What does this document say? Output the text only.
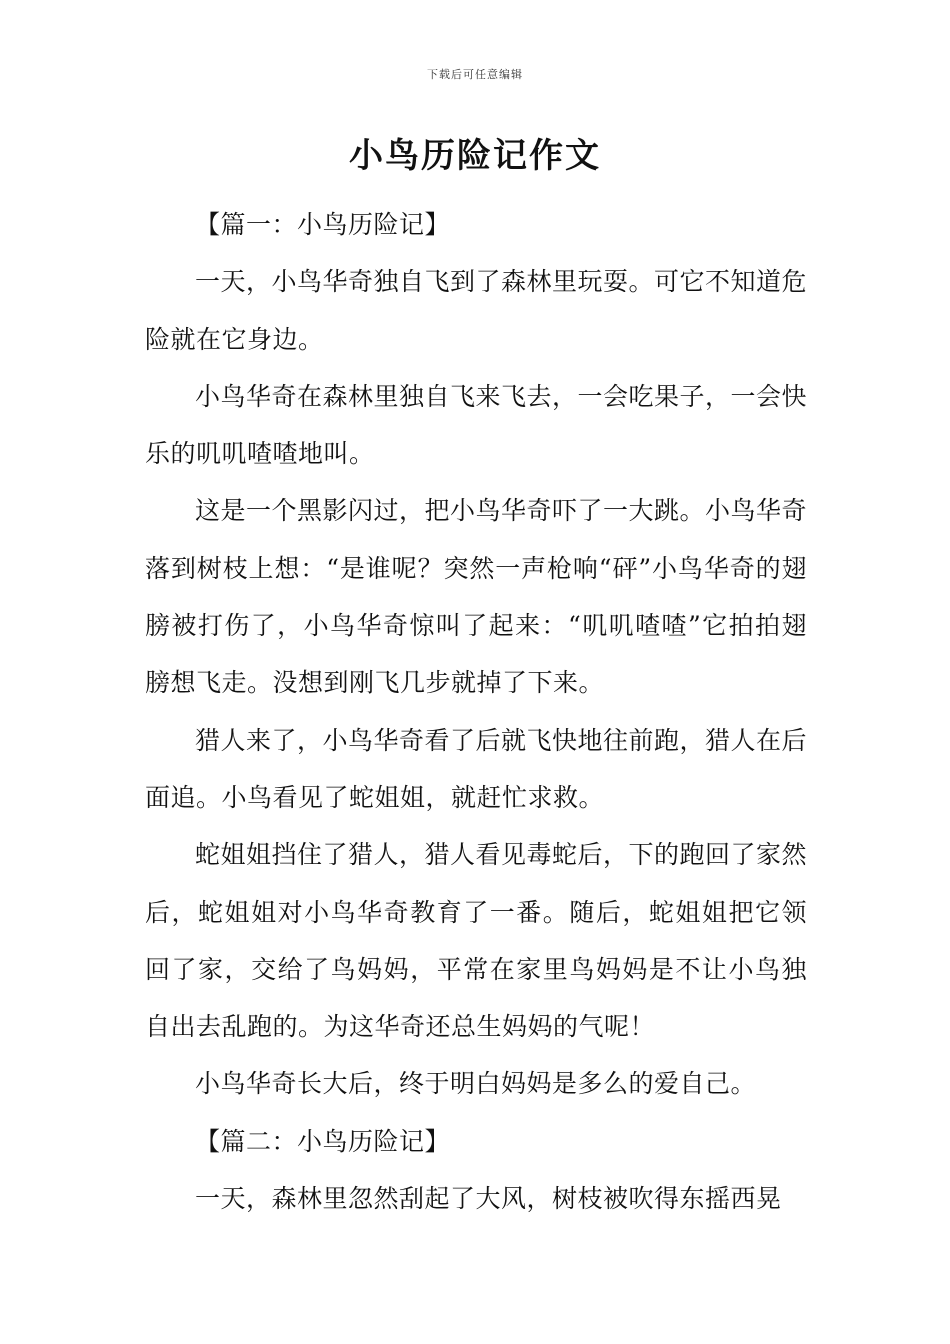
下载后可任意编辑
小鸟历险记作文

【篇一：小鸟历险记】

一天，小鸟华奇独自飞到了森林里玩耍。可它不知道危险就在它身边。

小鸟华奇在森林里独自飞来飞去，一会吃果子，一会快乐的叽叽喳喳地叫。

这是一个黑影闪过，把小鸟华奇吓了一大跳。小鸟华奇落到树枝上想：“是谁呢？突然一声枪响“砰”小鸟华奇的翅膀被打伤了，小鸟华奇惊叫了起来：“叽叽喳喳”它拍拍翅膀想飞走。没想到刚飞几步就掉了下来。

猎人来了，小鸟华奇看了后就飞快地往前跑，猎人在后面追。小鸟看见了蛇姐姐，就赶忙求救。

蛇姐姐挡住了猎人，猎人看见毒蛇后，下的跑回了家然后，蛇姐姐对小鸟华奇教育了一番。随后，蛇姐姐把它领回了家，交给了鸟妈妈，平常在家里鸟妈妈是不让小鸟独自出去乱跑的。为这华奇还总生妈妈的气呢！

小鸟华奇长大后，终于明白妈妈是多么的爱自己。

【篇二：小鸟历险记】

一天，森林里忽然刮起了大风，树枝被吹得东摇西晃
